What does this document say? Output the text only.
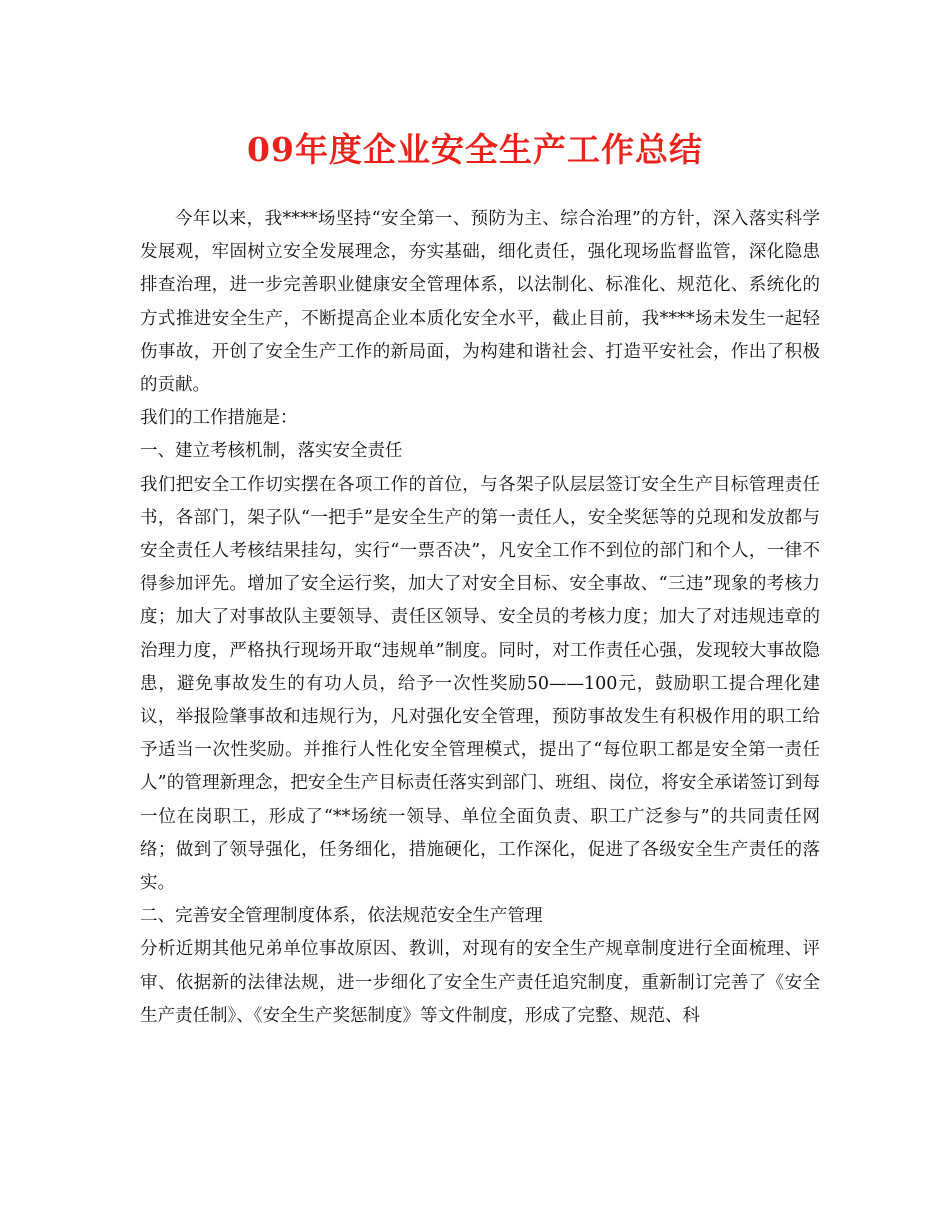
09年度企业安全生产工作总结

今年以来，我****场坚持“安全第一、预防为主、综合治理”的方针，深入落实科学发展观，牢固树立安全发展理念，夯实基础，细化责任，强化现场监督监管，深化隐患排查治理，进一步完善职业健康安全管理体系，以法制化、标准化、规范化、系统化的方式推进安全生产，不断提高企业本质化安全水平，截止目前，我****场未发生一起轻伤事故，开创了安全生产工作的新局面，为构建和谐社会、打造平安社会，作出了积极的贡献。

我们的工作措施是：

一、建立考核机制，落实安全责任

我们把安全工作切实摆在各项工作的首位，与各架子队层层签订安全生产目标管理责任书，各部门，架子队“一把手”是安全生产的第一责任人，安全奖惩等的兑现和发放都与安全责任人考核结果挂勾，实行“一票否决”，凡安全工作不到位的部门和个人，一律不得参加评先。增加了安全运行奖，加大了对安全目标、安全事故、“三违”现象的考核力度；加大了对事故队主要领导、责任区领导、安全员的考核力度；加大了对违规违章的治理力度，严格执行现场开取“违规单”制度。同时，对工作责任心强，发现较大事故隐患，避免事故发生的有功人员，给予一次性奖励50——100元，鼓励职工提合理化建议，举报险肇事故和违规行为，凡对强化安全管理，预防事故发生有积极作用的职工给予适当一次性奖励。并推行人性化安全管理模式，提出了“每位职工都是安全第一责任人”的管理新理念，把安全生产目标责任落实到部门、班组、岗位，将安全承诺签订到每一位在岗职工，形成了“**场统一领导、单位全面负责、职工广泛参与”的共同责任网络；做到了领导强化，任务细化，措施硬化，工作深化，促进了各级安全生产责任的落实。

二、完善安全管理制度体系，依法规范安全生产管理

分析近期其他兄弟单位事故原因、教训，对现有的安全生产规章制度进行全面梳理、评审、依据新的法律法规，进一步细化了安全生产责任追究制度，重新制订完善了《安全生产责任制》、《安全生产奖惩制度》等文件制度，形成了完整、规范、科
